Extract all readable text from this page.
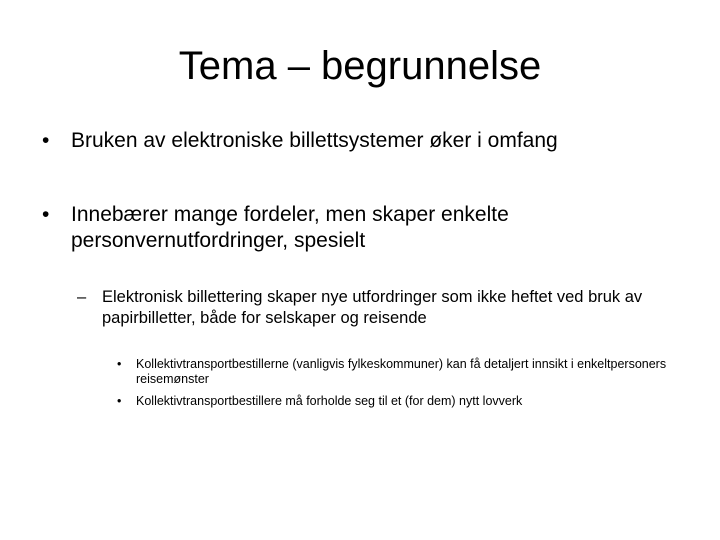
Tema – begrunnelse
• Bruken av elektroniske billettsystemer øker i omfang
• Innebærer mange fordeler, men skaper enkelte personvernutfordringer, spesielt
– Elektronisk billettering skaper nye utfordringer som ikke heftet ved bruk av papirbilletter, både for selskaper og reisende
• Kollektivtransportbestillerne (vanligvis fylkeskommuner) kan få detaljert innsikt i enkeltpersoners reisemønster
• Kollektivtransportbestillere må forholde seg til et (for dem) nytt lovverk
